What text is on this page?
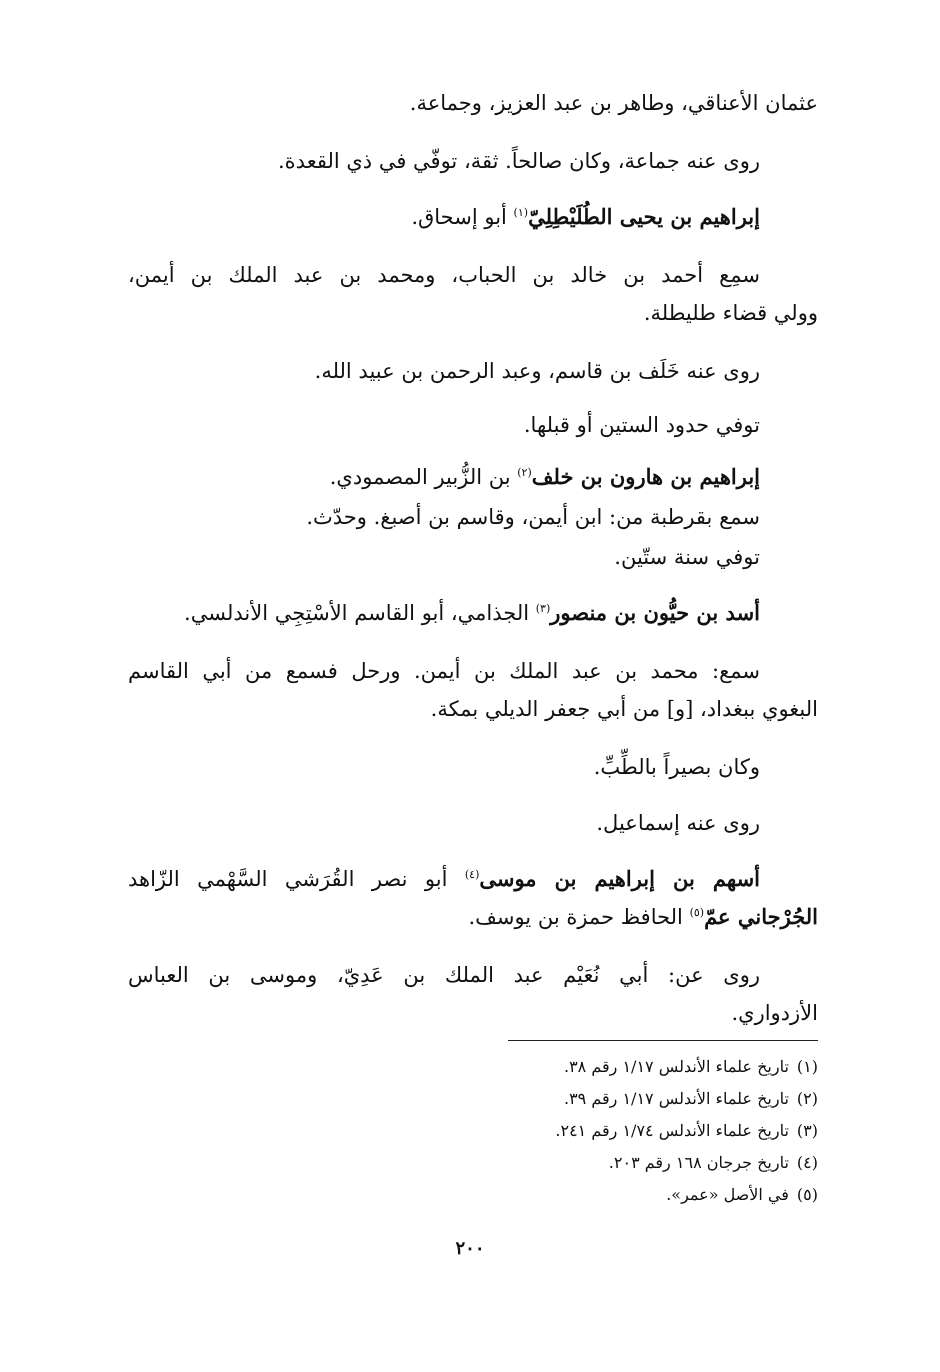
عثمان الأعناقي، وطاهر بن عبد العزيز، وجماعة.
روى عنه جماعة، وكان صالحاً. ثقة، توفّي في ذي القعدة.
إبراهيم بن يحيى الطُلَيْطِلِيّ$^{(١)}$ أبو إسحاق.
سمِع أحمد بن خالد بن الحباب، ومحمد بن عبد الملك بن أيمن،
وولي قضاء طليطلة.
روى عنه خَلَف بن قاسم، وعبد الرحمن بن عبيد الله.
توفي حدود الستين أو قبلها.
إبراهيم بن هارون بن خلف$^{(٢)}$ بن الزُّبير المصمودي.
سمع بقرطبة من: ابن أيمن، وقاسم بن أصبغ. وحدّث.
توفي سنة ستّين.
أسد بن حيُّون بن منصور$^{(٣)}$ الجذامي، أبو القاسم الأسْتِجِي الأندلسي.
سمع: محمد بن عبد الملك بن أيمن. ورحل فسمع من أبي القاسم
البغوي ببغداد، [و] من أبي جعفر الديلي بمكة.
وكان بصيراً بالطِّبِّ.
روى عنه إسماعيل.
أسهم بن إبراهيم بن موسى$^{(٤)}$ أبو نصر القُرَشي السَّهْمي الزّاهد
الجُرْجاني عمّ$^{(٥)}$ الحافظ حمزة بن يوسف.
روى عن: أبي نُعَيْم عبد الملك بن عَدِيّ، وموسى بن العباس
الأزدواري.
(١)تاريخ علماء الأندلس ١/١٧ رقم ٣٨.
(٢)تاريخ علماء الأندلس ١/١٧ رقم ٣٩.
(٣)تاريخ علماء الأندلس ١/٧٤ رقم ٢٤١.
(٤)تاريخ جرجان ١٦٨ رقم ٢٠٣.
(٥)في الأصل «عمر».
٢٠٠
